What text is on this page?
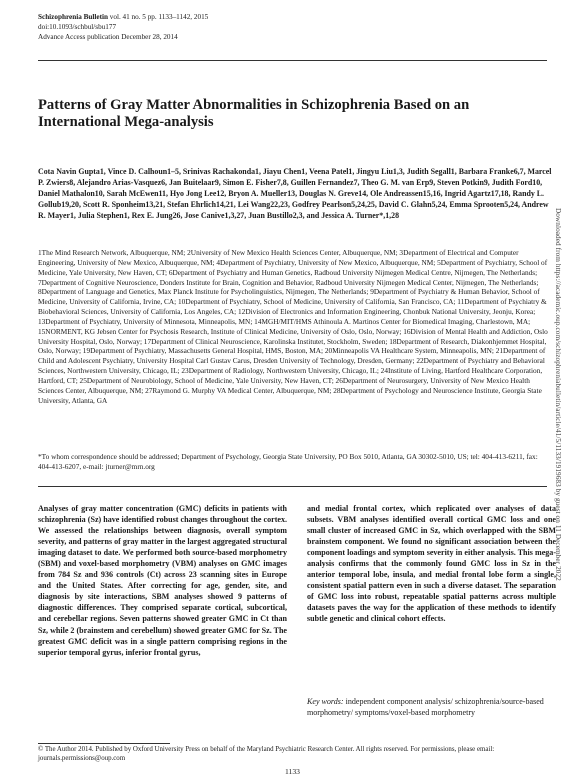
Schizophrenia Bulletin vol. 41 no. 5 pp. 1133–1142, 2015
doi:10.1093/schbul/sbu177
Advance Access publication December 28, 2014
Patterns of Gray Matter Abnormalities in Schizophrenia Based on an International Mega-analysis
Cota Navin Gupta1, Vince D. Calhoun1–5, Srinivas Rachakonda1, Jiayu Chen1, Veena Patel1, Jingyu Liu1,3, Judith Segall1, Barbara Franke6,7, Marcel P. Zwiers8, Alejandro Arias-Vasquez6, Jan Buitelaar9, Simon E. Fisher7,8, Guillen Fernandez7, Theo G. M. van Erp9, Steven Potkin9, Judith Ford10, Daniel Mathalon10, Sarah McEwen11, Hyo Jong Lee12, Bryon A. Mueller13, Douglas N. Greve14, Ole Andreassen15,16, Ingrid Agartz17,18, Randy L. Gollub19,20, Scott R. Sponheim13,21, Stefan Ehrlich14,21, Lei Wang22,23, Godfrey Pearlson5,24,25, David C. Glahn5,24, Emma Sprooten5,24, Andrew R. Mayer1, Julia Stephen1, Rex E. Jung26, Jose Canive1,3,27, Juan Bustillo2,3, and Jessica A. Turner*,1,28
1The Mind Research Network, Albuquerque, NM; 2University of New Mexico Health Sciences Center, Albuquerque, NM; 3Department of Electrical and Computer Engineering, University of New Mexico, Albuquerque, NM; 4Department of Psychiatry, University of New Mexico, Albuquerque, NM; 5Department of Psychiatry, School of Medicine, Yale University, New Haven, CT; 6Department of Psychiatry and Human Genetics, Radboud University Nijmegen Medical Centre, Nijmegen, The Netherlands; 7Department of Cognitive Neuroscience, Donders Institute for Brain, Cognition and Behavior, Radboud University Nijmegen Medical Center, Nijmegen, The Netherlands; 8Department of Language and Genetics, Max Planck Institute for Psycholinguistics, Nijmegen, The Netherlands; 9Department of Psychiatry & Human Behavior, School of Medicine, University of California, Irvine, CA; 10Department of Psychiatry, School of Medicine, University of California, San Francisco, CA; 11Department of Psychiatry & Biobehavioral Sciences, University of California, Los Angeles, CA; 12Division of Electronics and Information Engineering, Chonbuk National University, Jeonju, Korea; 13Department of Psychiatry, University of Minnesota, Minneapolis, MN; 14MGH/MIT/HMS Athinoula A. Martinos Center for Biomedical Imaging, Charlestown, MA; 15NORMENT, KG Jebsen Center for Psychosis Research, Institute of Clinical Medicine, University of Oslo, Oslo, Norway; 16Division of Mental Health and Addiction, Oslo University Hospital, Oslo, Norway; 17Department of Clinical Neuroscience, Karolinska Institutet, Stockholm, Sweden; 18Department of Research, Diakonhjemmet Hospital, Oslo, Norway; 19Department of Psychiatry, Massachusetts General Hospital, HMS, Boston, MA; 20Minneapolis VA Healthcare System, Minneapolis, MN; 21Department of Child and Adolescent Psychiatry, University Hospital Carl Gustav Carus, Dresden University of Technology, Dresden, Germany; 22Department of Psychiatry and Behavioral Sciences, Northwestern University, Chicago, IL; 23Department of Radiology, Northwestern University, Chicago, IL; 24Institute of Living, Hartford Healthcare Corporation, Hartford, CT; 25Department of Neurobiology, School of Medicine, Yale University, New Haven, CT; 26Department of Neurosurgery, University of New Mexico Health Sciences Center, Albuquerque, NM; 27Raymond G. Murphy VA Medical Center, Albuquerque, NM; 28Department of Psychology and Neuroscience Institute, Georgia State University, Atlanta, GA
*To whom correspondence should be addressed; Department of Psychology, Georgia State University, PO Box 5010, Atlanta, GA 30302-5010, US; tel: 404-413-6211, fax: 404-413-6207, e-mail: jturner@mrn.org
Analyses of gray matter concentration (GMC) deficits in patients with schizophrenia (Sz) have identified robust changes throughout the cortex. We assessed the relationships between diagnosis, overall symptom severity, and patterns of gray matter in the largest aggregated structural imaging dataset to date. We performed both source-based morphometry (SBM) and voxel-based morphometry (VBM) analyses on GMC images from 784 Sz and 936 controls (Ct) across 23 scanning sites in Europe and the United States. After correcting for age, gender, site, and diagnosis by site interactions, SBM analyses showed 9 patterns of diagnostic differences. They comprised separate cortical, subcortical, and cerebellar regions. Seven patterns showed greater GMC in Ct than Sz, while 2 (brainstem and cerebellum) showed greater GMC for Sz. The greatest GMC deficit was in a single pattern comprising regions in the superior temporal gyrus, inferior frontal gyrus,
and medial frontal cortex, which replicated over analyses of data subsets. VBM analyses identified overall cortical GMC loss and one small cluster of increased GMC in Sz, which overlapped with the SBM brainstem component. We found no significant association between the component loadings and symptom severity in either analysis. This mega-analysis confirms that the commonly found GMC loss in Sz in the anterior temporal lobe, insula, and medial frontal lobe form a single, consistent spatial pattern even in such a diverse dataset. The separation of GMC loss into robust, repeatable spatial patterns across multiple datasets paves the way for the application of these methods to identify subtle genetic and clinical cohort effects.
Key words: independent component analysis/ schizophrenia/source-based morphometry/ symptoms/voxel-based morphometry
© The Author 2014. Published by Oxford University Press on behalf of the Maryland Psychiatric Research Center. All rights reserved. For permissions, please email: journals.permissions@oup.com
1133
Downloaded from https://academic.oup.com/schizophreniabulletin/article/41/5/1133/1919683 by guest on 11 December 2022
